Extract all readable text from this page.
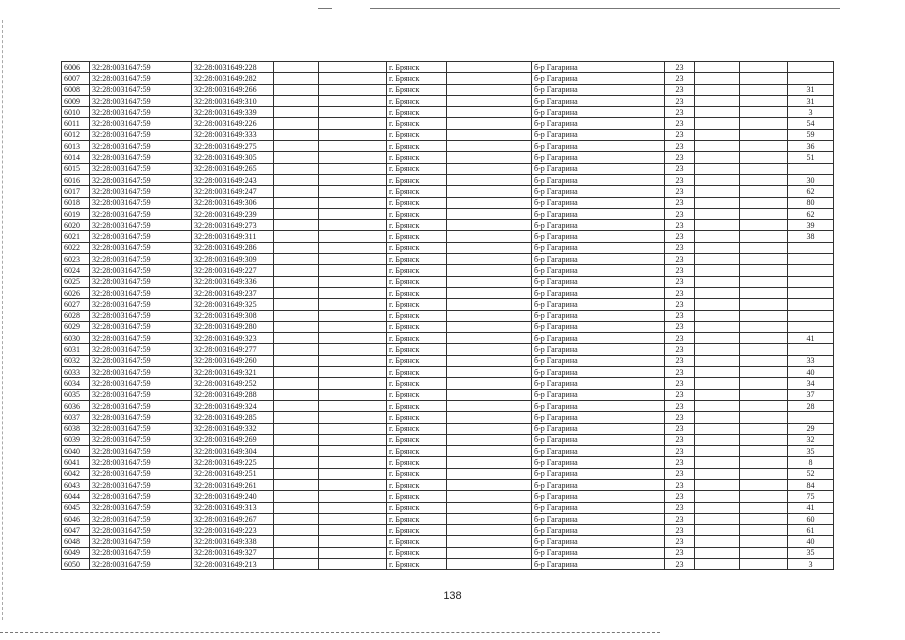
6006	32:28:0031647:59	32:28:0031649:228			г. Брянск		б-р Гагарина	23			
6007	32:28:0031647:59	32:28:0031649:282			г. Брянск		б-р Гагарина	23			
6008	32:28:0031647:59	32:28:0031649:266			г. Брянск		б-р Гагарина	23			31
6009	32:28:0031647:59	32:28:0031649:310			г. Брянск		б-р Гагарина	23			31
6010	32:28:0031647:59	32:28:0031649:339			г. Брянск		б-р Гагарина	23			3
6011	32:28:0031647:59	32:28:0031649:226			г. Брянск		б-р Гагарина	23			54
6012	32:28:0031647:59	32:28:0031649:333			г. Брянск		б-р Гагарина	23			59
6013	32:28:0031647:59	32:28:0031649:275			г. Брянск		б-р Гагарина	23			36
6014	32:28:0031647:59	32:28:0031649:305			г. Брянск		б-р Гагарина	23			51
6015	32:28:0031647:59	32:28:0031649:265			г. Брянск		б-р Гагарина	23			
6016	32:28:0031647:59	32:28:0031649:243			г. Брянск		б-р Гагарина	23			30
6017	32:28:0031647:59	32:28:0031649:247			г. Брянск		б-р Гагарина	23			62
6018	32:28:0031647:59	32:28:0031649:306			г. Брянск		б-р Гагарина	23			80
6019	32:28:0031647:59	32:28:0031649:239			г. Брянск		б-р Гагарина	23			62
6020	32:28:0031647:59	32:28:0031649:273			г. Брянск		б-р Гагарина	23			39
6021	32:28:0031647:59	32:28:0031649:311			г. Брянск		б-р Гагарина	23			38
6022	32:28:0031647:59	32:28:0031649:286			г. Брянск		б-р Гагарина	23			
6023	32:28:0031647:59	32:28:0031649:309			г. Брянск		б-р Гагарина	23			
6024	32:28:0031647:59	32:28:0031649:227			г. Брянск		б-р Гагарина	23			
6025	32:28:0031647:59	32:28:0031649:336			г. Брянск		б-р Гагарина	23			
6026	32:28:0031647:59	32:28:0031649:237			г. Брянск		б-р Гагарина	23			
6027	32:28:0031647:59	32:28:0031649:325			г. Брянск		б-р Гагарина	23			
6028	32:28:0031647:59	32:28:0031649:308			г. Брянск		б-р Гагарина	23			
6029	32:28:0031647:59	32:28:0031649:280			г. Брянск		б-р Гагарина	23			
6030	32:28:0031647:59	32:28:0031649:323			г. Брянск		б-р Гагарина	23			41
6031	32:28:0031647:59	32:28:0031649:277			г. Брянск		б-р Гагарина	23			
6032	32:28:0031647:59	32:28:0031649:260			г. Брянск		б-р Гагарина	23			33
6033	32:28:0031647:59	32:28:0031649:321			г. Брянск		б-р Гагарина	23			40
6034	32:28:0031647:59	32:28:0031649:252			г. Брянск		б-р Гагарина	23			34
6035	32:28:0031647:59	32:28:0031649:288			г. Брянск		б-р Гагарина	23			37
6036	32:28:0031647:59	32:28:0031649:324			г. Брянск		б-р Гагарина	23			28
6037	32:28:0031647:59	32:28:0031649:285			г. Брянск		б-р Гагарина	23			
6038	32:28:0031647:59	32:28:0031649:332			г. Брянск		б-р Гагарина	23			29
6039	32:28:0031647:59	32:28:0031649:269			г. Брянск		б-р Гагарина	23			32
6040	32:28:0031647:59	32:28:0031649:304			г. Брянск		б-р Гагарина	23			35
6041	32:28:0031647:59	32:28:0031649:225			г. Брянск		б-р Гагарина	23			8
6042	32:28:0031647:59	32:28:0031649:251			г. Брянск		б-р Гагарина	23			52
6043	32:28:0031647:59	32:28:0031649:261			г. Брянск		б-р Гагарина	23			84
6044	32:28:0031647:59	32:28:0031649:240			г. Брянск		б-р Гагарина	23			75
6045	32:28:0031647:59	32:28:0031649:313			г. Брянск		б-р Гагарина	23			41
6046	32:28:0031647:59	32:28:0031649:267			г. Брянск		б-р Гагарина	23			60
6047	32:28:0031647:59	32:28:0031649:223			г. Брянск		б-р Гагарина	23			61
6048	32:28:0031647:59	32:28:0031649:338			г. Брянск		б-р Гагарина	23			40
6049	32:28:0031647:59	32:28:0031649:327			г. Брянск		б-р Гагарина	23			35
6050	32:28:0031647:59	32:28:0031649:213			г. Брянск		б-р Гагарина	23			3
138
